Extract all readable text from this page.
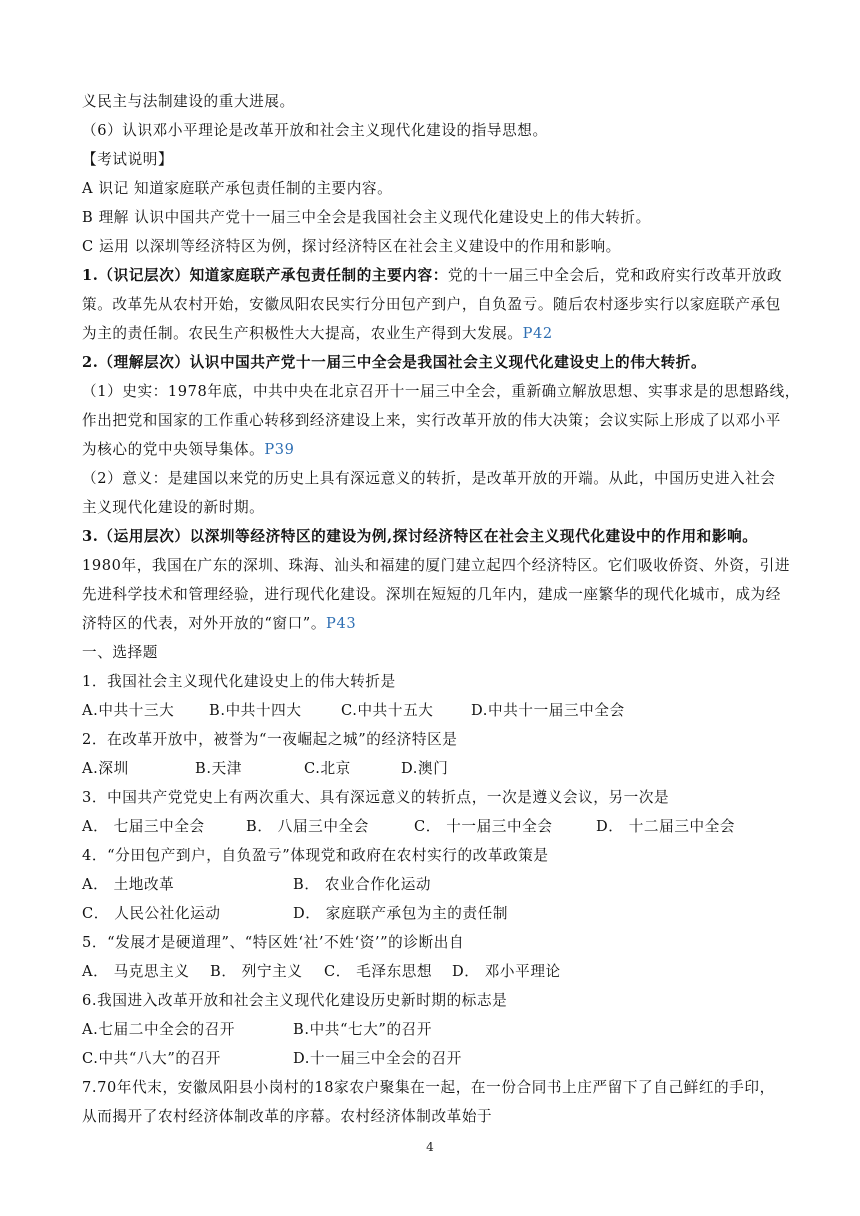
义民主与法制建设的重大进展。
（6）认识邓小平理论是改革开放和社会主义现代化建设的指导思想。
【考试说明】
A 识记 知道家庭联产承包责任制的主要内容。
B 理解 认识中国共产党十一届三中全会是我国社会主义现代化建设史上的伟大转折。
C 运用 以深圳等经济特区为例，探讨经济特区在社会主义建设中的作用和影响。
1.（识记层次）知道家庭联产承包责任制的主要内容：党的十一届三中全会后，党和政府实行改革开放政
策。改革先从农村开始，安徽凤阳农民实行分田包产到户，自负盈亏。随后农村逐步实行以家庭联产承包
为主的责任制。农民生产积极性大大提高，农业生产得到大发展。P42
2.（理解层次）认识中国共产党十一届三中全会是我国社会主义现代化建设史上的伟大转折。
（1）史实：1978年底，中共中央在北京召开十一届三中全会，重新确立解放思想、实事求是的思想路线，
作出把党和国家的工作重心转移到经济建设上来，实行改革开放的伟大决策；会议实际上形成了以邓小平
为核心的党中央领导集体。P39
（2）意义：是建国以来党的历史上具有深远意义的转折，是改革开放的开端。从此，中国历史进入社会
主义现代化建设的新时期。
3.（运用层次）以深圳等经济特区的建设为例,探讨经济特区在社会主义现代化建设中的作用和影响。
1980年，我国在广东的深圳、珠海、汕头和福建的厦门建立起四个经济特区。它们吸收侨资、外资，引进
先进科学技术和管理经验，进行现代化建设。深圳在短短的几年内，建成一座繁华的现代化城市，成为经
济特区的代表，对外开放的“窗口”。P43
一、选择题
1．我国社会主义现代化建设史上的伟大转折是
A.中共十三大	B.中共十四大	C.中共十五大	D.中共十一届三中全会
2．在改革开放中，被誉为“一夜崛起之城”的经济特区是
A.深圳	B.天津	C.北京	D.澳门
3．中国共产党党史上有两次重大、具有深远意义的转折点，一次是遵义会议，另一次是
A． 七届三中全会	B． 八届三中全会	C． 十一届三中全会	D． 十二届三中全会
4．“分田包产到户，自负盈亏”体现党和政府在农村实行的改革政策是
A． 土地改革	B． 农业合作化运动
C． 人民公社化运动	D． 家庭联产承包为主的责任制
5．“发展才是硬道理”、“特区姓‘社’不姓‘资’”的诊断出自
A． 马克思主义	B． 列宁主义	C． 毛泽东思想	D． 邓小平理论
6.我国进入改革开放和社会主义现代化建设历史新时期的标志是
A.七届二中全会的召开	B.中共“七大”的召开
C.中共“八大”的召开	D.十一届三中全会的召开
7.70年代末，安徽凤阳县小岗村的18家农户聚集在一起，在一份合同书上庄严留下了自己鲜红的手印，
从而揭开了农村经济体制改革的序幕。农村经济体制改革始于
4
